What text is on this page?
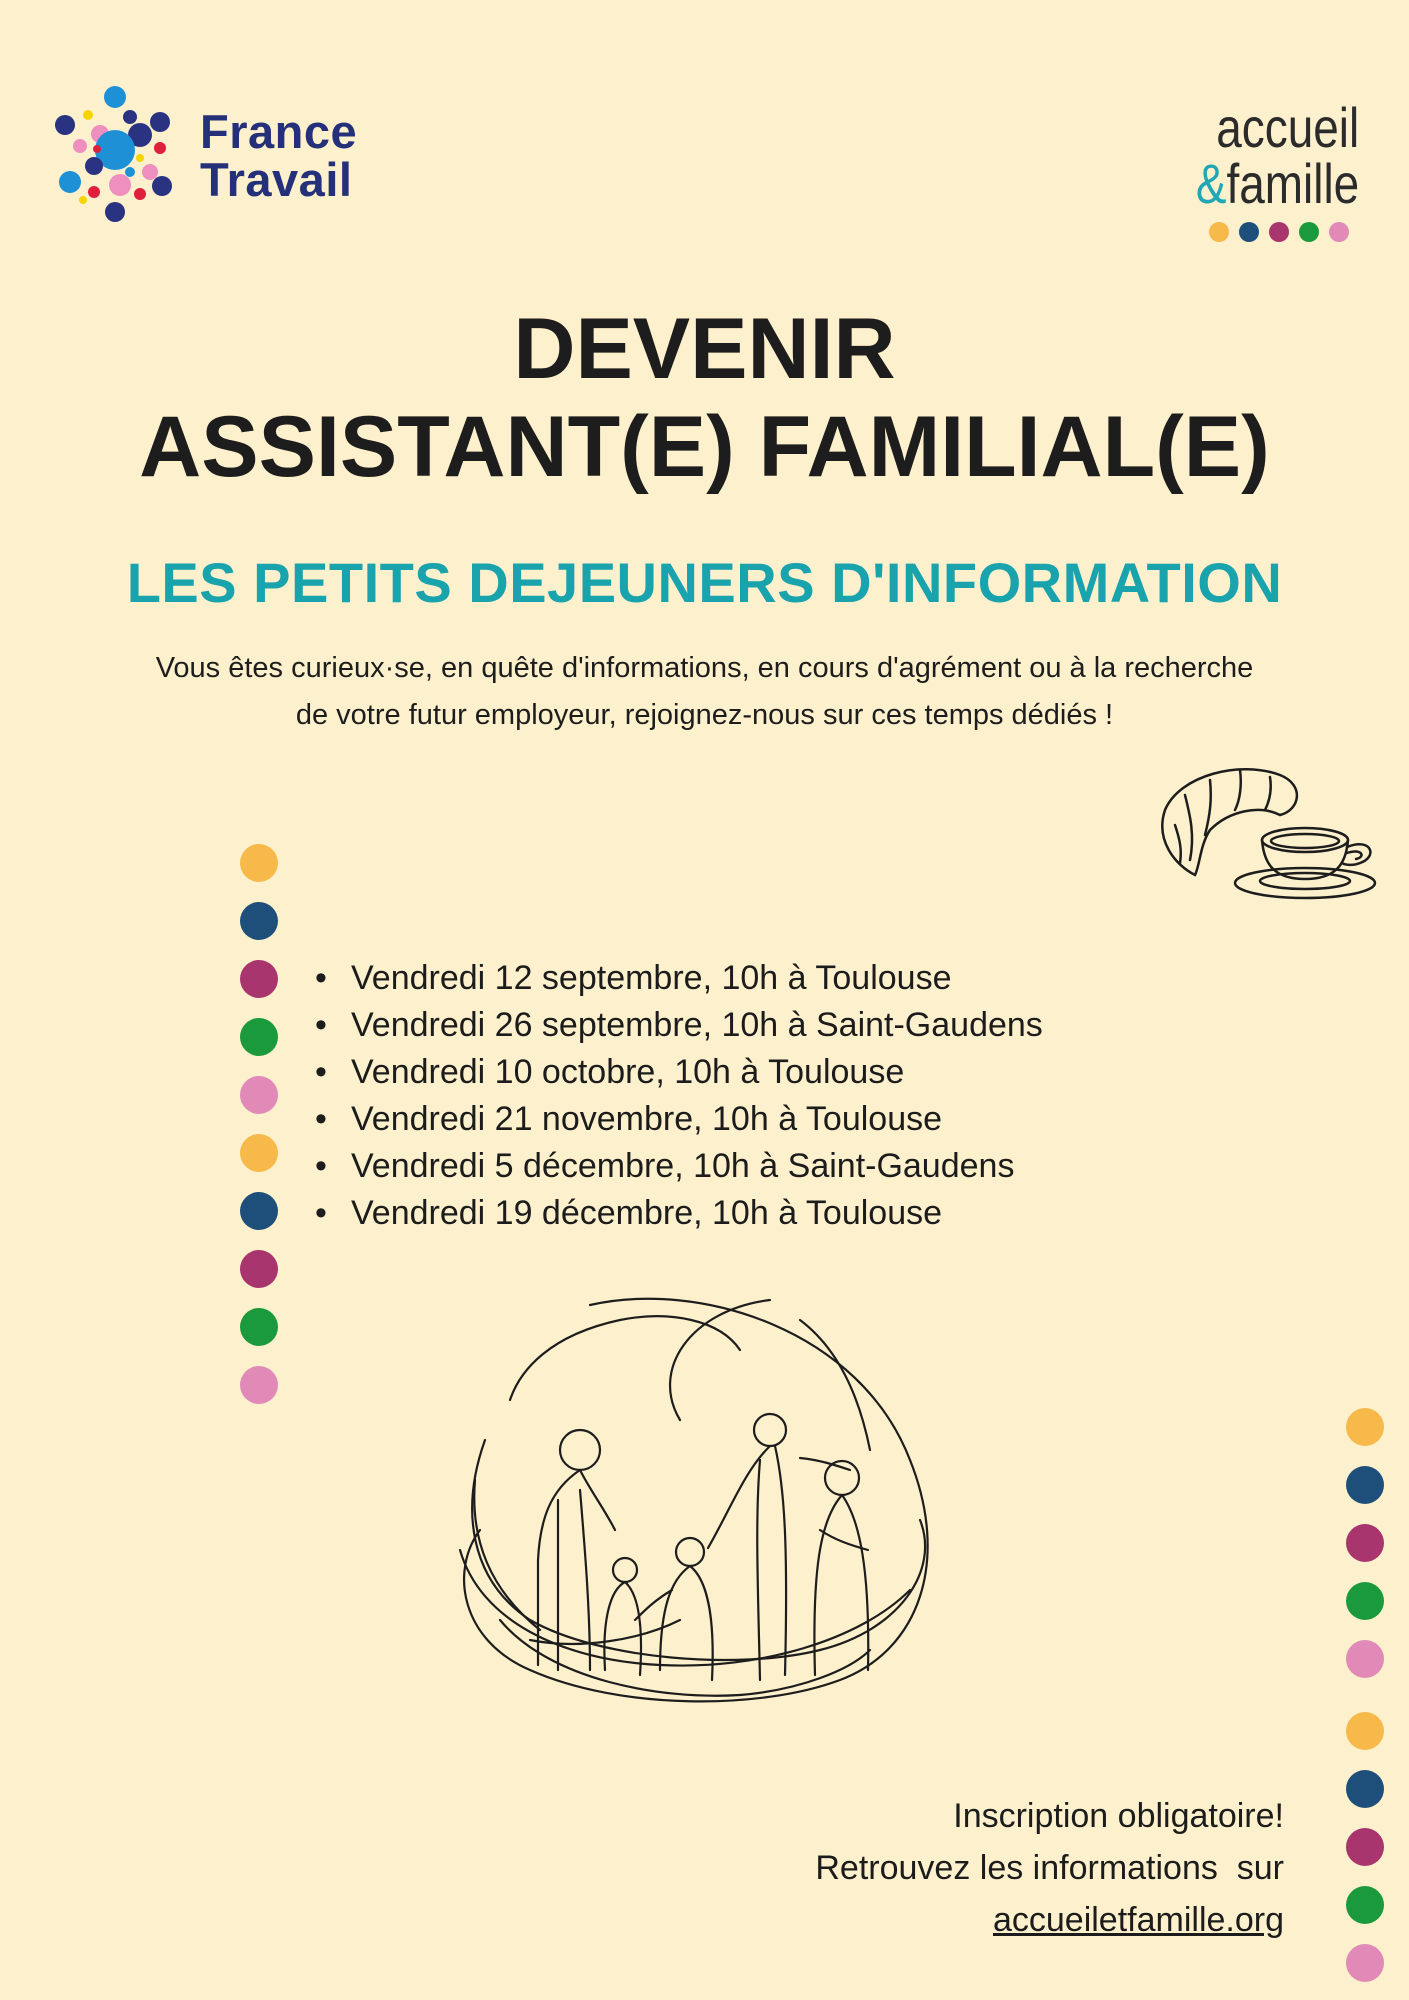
France
Travail
accueil
&famille
DEVENIR
ASSISTANT(E) FAMILIAL(E)
LES PETITS DEJEUNERS D'INFORMATION
Vous êtes curieux·se, en quête d'informations, en cours d'agrément ou à la recherche
de votre futur employeur, rejoignez-nous sur ces temps dédiés !
• Vendredi 12 septembre, 10h à Toulouse
• Vendredi 26 septembre, 10h à Saint-Gaudens
• Vendredi 10 octobre, 10h à Toulouse
• Vendredi 21 novembre, 10h à Toulouse
• Vendredi 5 décembre, 10h à Saint-Gaudens
• Vendredi 19 décembre, 10h à Toulouse
Inscription obligatoire!
Retrouvez les informations  sur
accueiletfamille.org
